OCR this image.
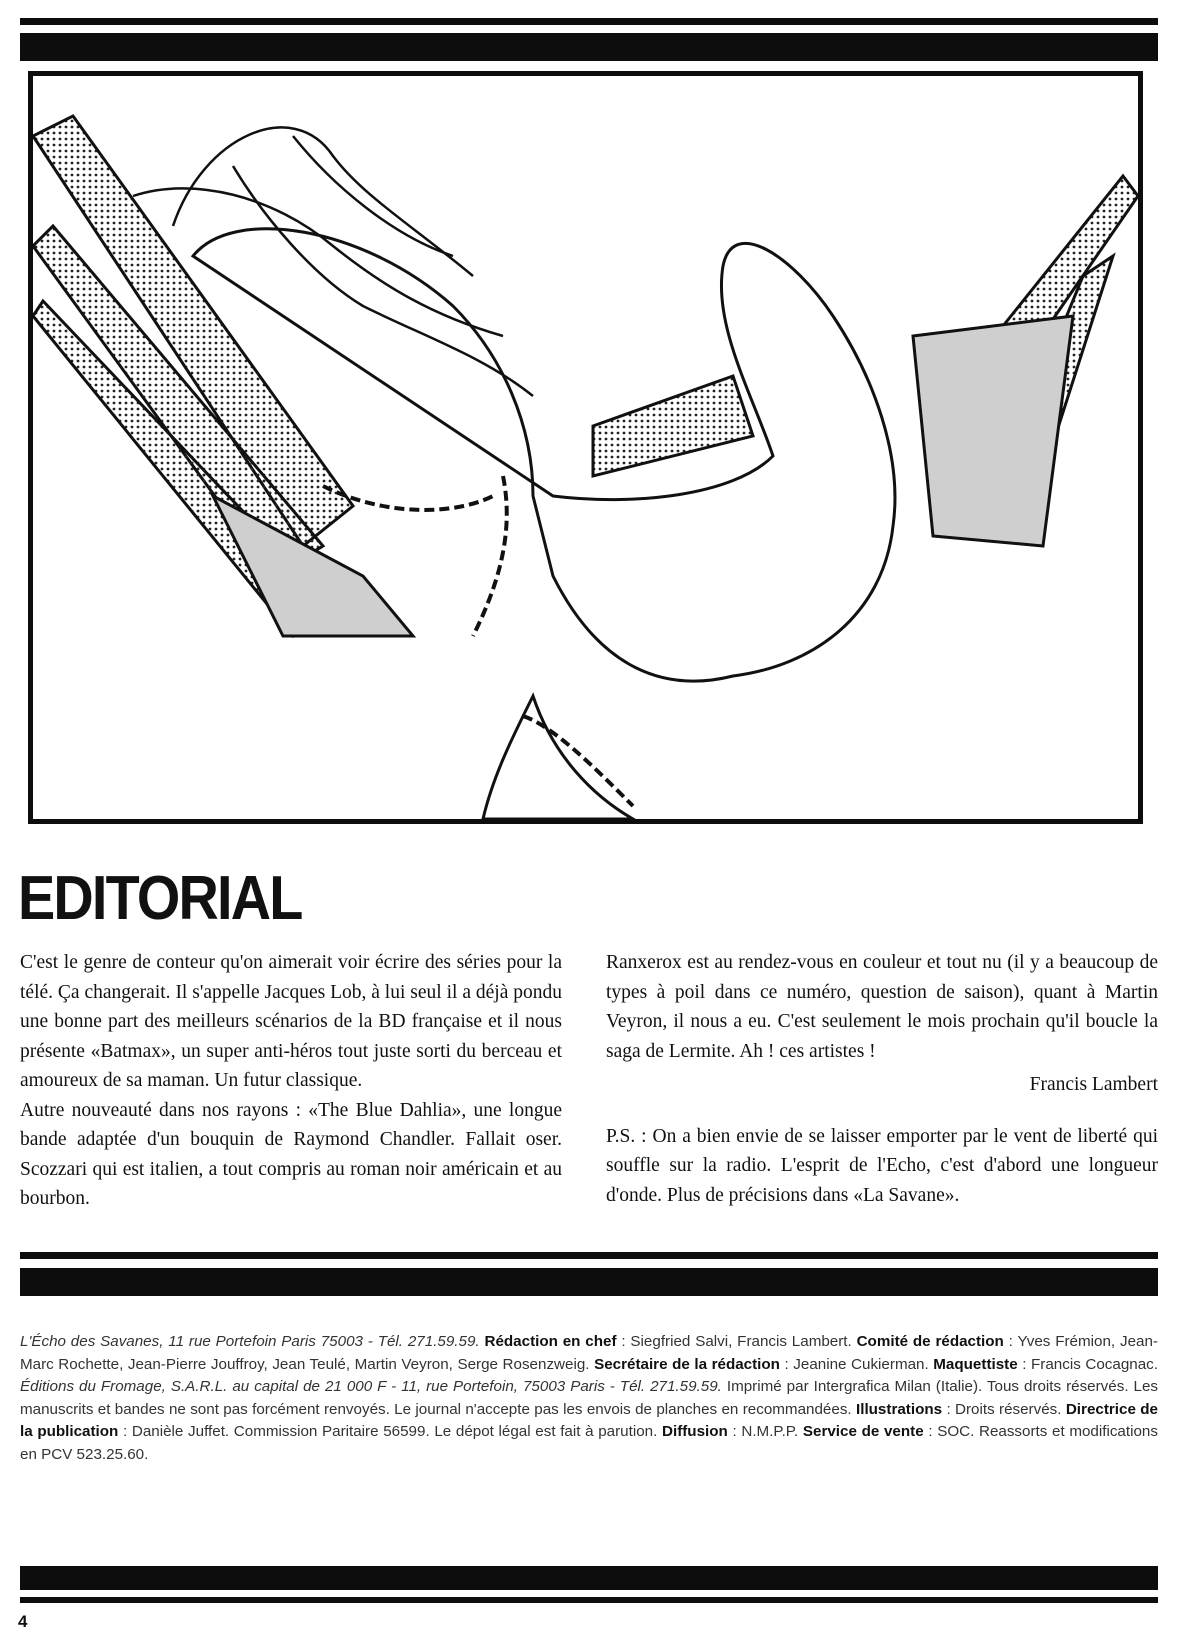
EDITORIAL

C'est le genre de conteur qu'on aimerait voir écrire des séries pour la télé. Ça changerait. Il s'appelle Jacques Lob, à lui seul il a déjà pondu une bonne part des meilleurs scénarios de la BD française et il nous présente «Batmax», un super anti-héros tout juste sorti du berceau et amoureux de sa maman. Un futur classique.

Autre nouveauté dans nos rayons : «The Blue Dahlia», une longue bande adaptée d'un bouquin de Raymond Chandler. Fallait oser. Scozzari qui est italien, a tout compris au roman noir américain et au bourbon.

Ranxerox est au rendez-vous en couleur et tout nu (il y a beaucoup de types à poil dans ce numéro, question de saison), quant à Martin Veyron, il nous a eu. C'est seulement le mois prochain qu'il boucle la saga de Lermite. Ah ! ces artistes !

Francis Lambert

P.S. : On a bien envie de se laisser emporter par le vent de liberté qui souffle sur la radio. L'esprit de l'Echo, c'est d'abord une longueur d'onde. Plus de précisions dans «La Savane».

L'Écho des Savanes, 11 rue Portefoin Paris 75003 - Tél. 271.59.59. Rédaction en chef : Siegfried Salvi, Francis Lambert. Comité de rédaction : Yves Frémion, Jean-Marc Rochette, Jean-Pierre Jouffroy, Jean Teulé, Martin Veyron, Serge Rosenzweig. Secrétaire de la rédaction : Jeanine Cukierman. Maquettiste : Francis Cocagnac. Éditions du Fromage, S.A.R.L. au capital de 21 000 F - 11, rue Portefoin, 75003 Paris - Tél. 271.59.59. Imprimé par Intergrafica Milan (Italie). Tous droits réservés. Les manuscrits et bandes ne sont pas forcément renvoyés. Le journal n'accepte pas les envois de planches en recommandées. Illustrations : Droits réservés. Directrice de la publication : Danièle Juffet. Commission Paritaire 56599. Le dépot légal est fait à parution. Diffusion : N.M.P.P. Service de vente : SOC. Reassorts et modifications en PCV 523.25.60.
4
